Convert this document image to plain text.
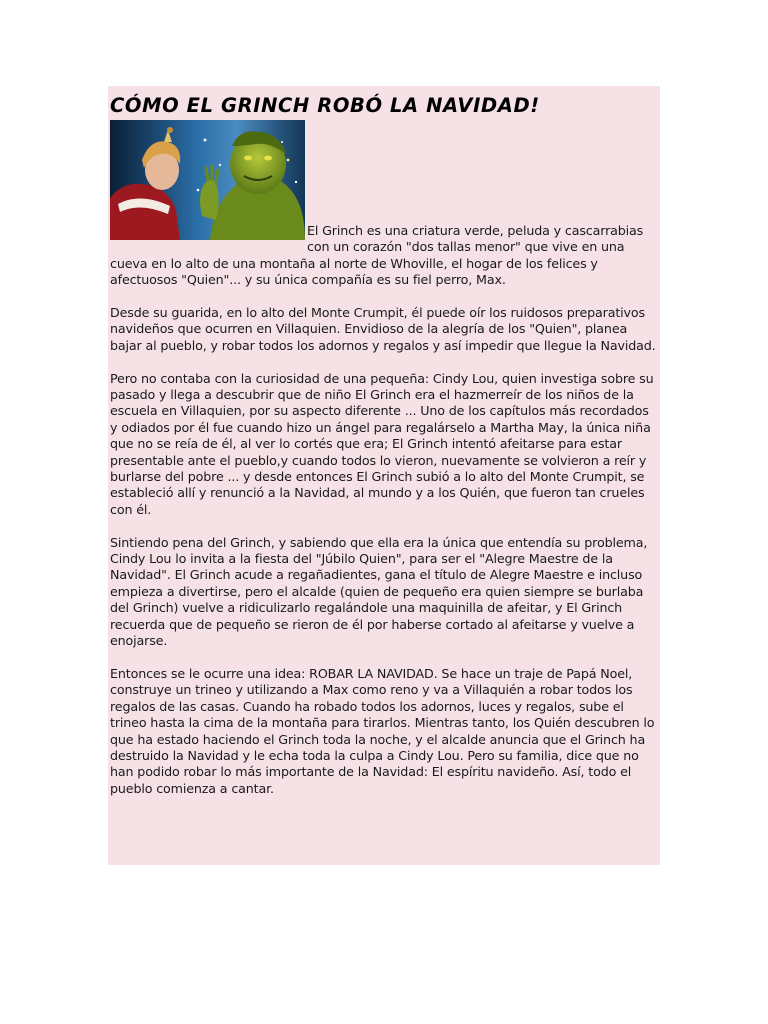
CÓMO EL GRINCH ROBÓ LA NAVIDAD!

El Grinch es una criatura verde, peluda y cascarrabias con un corazón "dos tallas menor" que vive en una cueva en lo alto de una montaña al norte de Whoville, el hogar de los felices y afectuosos "Quien"... y su única compañía es su fiel perro, Max.

Desde su guarida, en lo alto del Monte Crumpit, él puede oír los ruidosos preparativos navideños que ocurren en Villaquien. Envidioso de la alegría de los "Quien", planea bajar al pueblo, y robar todos los adornos y regalos y así impedir que llegue la Navidad.

Pero no contaba con la curiosidad de una pequeña: Cindy Lou, quien investiga sobre su pasado y llega a descubrir que de niño El Grinch era el hazmerreír de los niños de la escuela en Villaquien, por su aspecto diferente ... Uno de los capítulos más recordados y odiados por él fue cuando hizo un ángel para regalárselo a Martha May, la única niña que no se reía de él, al ver lo cortés que era; El Grinch intentó afeitarse para estar presentable ante el pueblo,y cuando todos lo vieron, nuevamente se volvieron a reír y burlarse del pobre ... y desde entonces El Grinch subió a lo alto del Monte Crumpit, se estableció allí y renunció a la Navidad, al mundo y a los Quién, que fueron tan crueles con él.

Sintiendo pena del Grinch, y sabiendo que ella era la única que entendía su problema, Cindy Lou lo invita a la fiesta del "Júbilo Quien", para ser el "Alegre Maestre de la Navidad". El Grinch acude a regañadientes, gana el título de Alegre Maestre e incluso empieza a divertirse, pero el alcalde (quien de pequeño era quien siempre se burlaba del Grinch) vuelve a ridiculizarlo regalándole una maquinilla de afeitar, y El Grinch recuerda que de pequeño se rieron de él por haberse cortado al afeitarse y vuelve a enojarse.

Entonces se le ocurre una idea: ROBAR LA NAVIDAD. Se hace un traje de Papá Noel, construye un trineo y utilizando a Max como reno y va a Villaquién a robar todos los regalos de las casas. Cuando ha robado todos los adornos, luces y regalos, sube el trineo hasta la cima de la montaña para tirarlos. Mientras tanto, los Quién descubren lo que ha estado haciendo el Grinch toda la noche, y el alcalde anuncia que el Grinch ha destruido la Navidad y le echa toda la culpa a Cindy Lou. Pero su familia, dice que no han podido robar lo más importante de la Navidad: El espíritu navideño. Así, todo el pueblo comienza a cantar.
